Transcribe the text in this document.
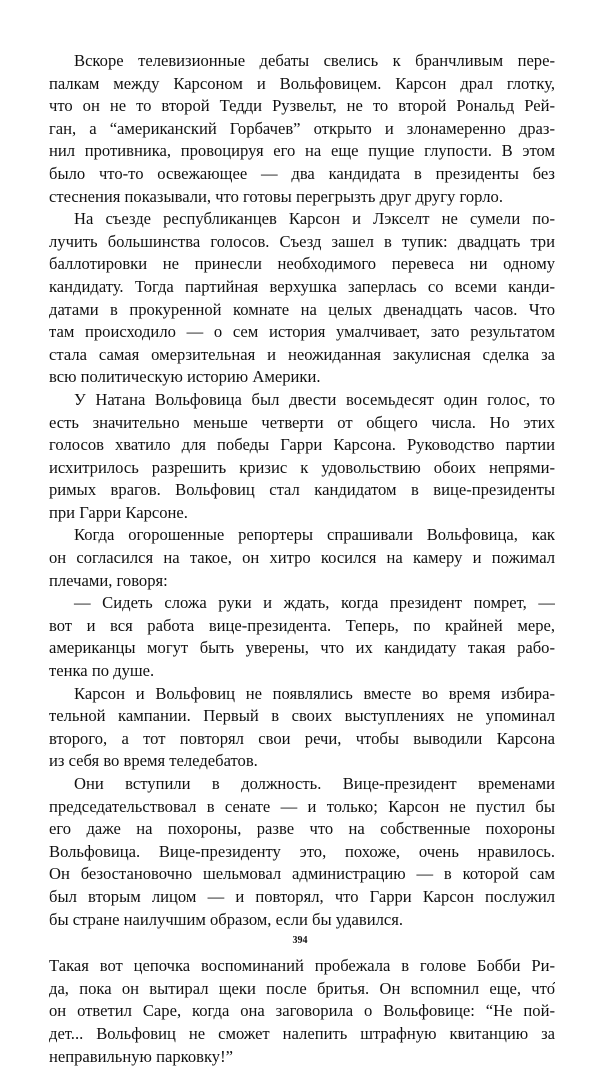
Вскоре телевизионные дебаты свелись к бранчливым пере-
палкам между Карсоном и Вольфовицем. Карсон драл глотку,
что он не то второй Тедди Рузвельт, не то второй Рональд Рей-
ган, а “американский Горбачев” открыто и злонамеренно драз-
нил противника, провоцируя его на еще пущие глупости. В этом
было что-то освежающее — два кандидата в президенты без
стеснения показывали, что готовы перегрызть друг другу горло.
На съезде республиканцев Карсон и Лэкселт не сумели по-
лучить большинства голосов. Съезд зашел в тупик: двадцать три
баллотировки не принесли необходимого перевеса ни одному
кандидату. Тогда партийная верхушка заперлась со всеми канди-
датами в прокуренной комнате на целых двенадцать часов. Что
там происходило — о сем история умалчивает, зато результатом
стала самая омерзительная и неожиданная закулисная сделка за
всю политическую историю Америки.
У Натана Вольфовица был двести восемьдесят один голос, то
есть значительно меньше четверти от общего числа. Но этих
голосов хватило для победы Гарри Карсона. Руководство партии
исхитрилось разрешить кризис к удовольствию обоих непрями-
римых врагов. Вольфовиц стал кандидатом в вице-президенты
при Гарри Карсоне.
Когда огорошенные репортеры спрашивали Вольфовица, как
он согласился на такое, он хитро косился на камеру и пожимал
плечами, говоря:
— Сидеть сложа руки и ждать, когда президент помрет, —
вот и вся работа вице-президента. Теперь, по крайней мере,
американцы могут быть уверены, что их кандидату такая рабо-
тенка по душе.
Карсон и Вольфовиц не появлялись вместе во время избира-
тельной кампании. Первый в своих выступлениях не упоминал
второго, а тот повторял свои речи, чтобы выводили Карсона
из себя во время теледебатов.
Они вступили в должность. Вице-президент временами
председательствовал в сенате — и только; Карсон не пустил бы
его даже на похороны, разве что на собственные похороны
Вольфовица. Вице-президенту это, похоже, очень нравилось.
Он безостановочно шельмовал администрацию — в которой сам
был вторым лицом — и повторял, что Гарри Карсон послужил
бы стране наилучшим образом, если бы удавился.
Такая вот цепочка воспоминаний пробежала в голове Бобби Ри-
да, пока он вытирал щеки после бритья. Он вспомнил еще, что̂
он ответил Саре, когда она заговорила о Вольфовице: “Не пой-
дет... Вольфовиц не сможет налепить штрафную квитанцию за
неправильную парковку!”
394
